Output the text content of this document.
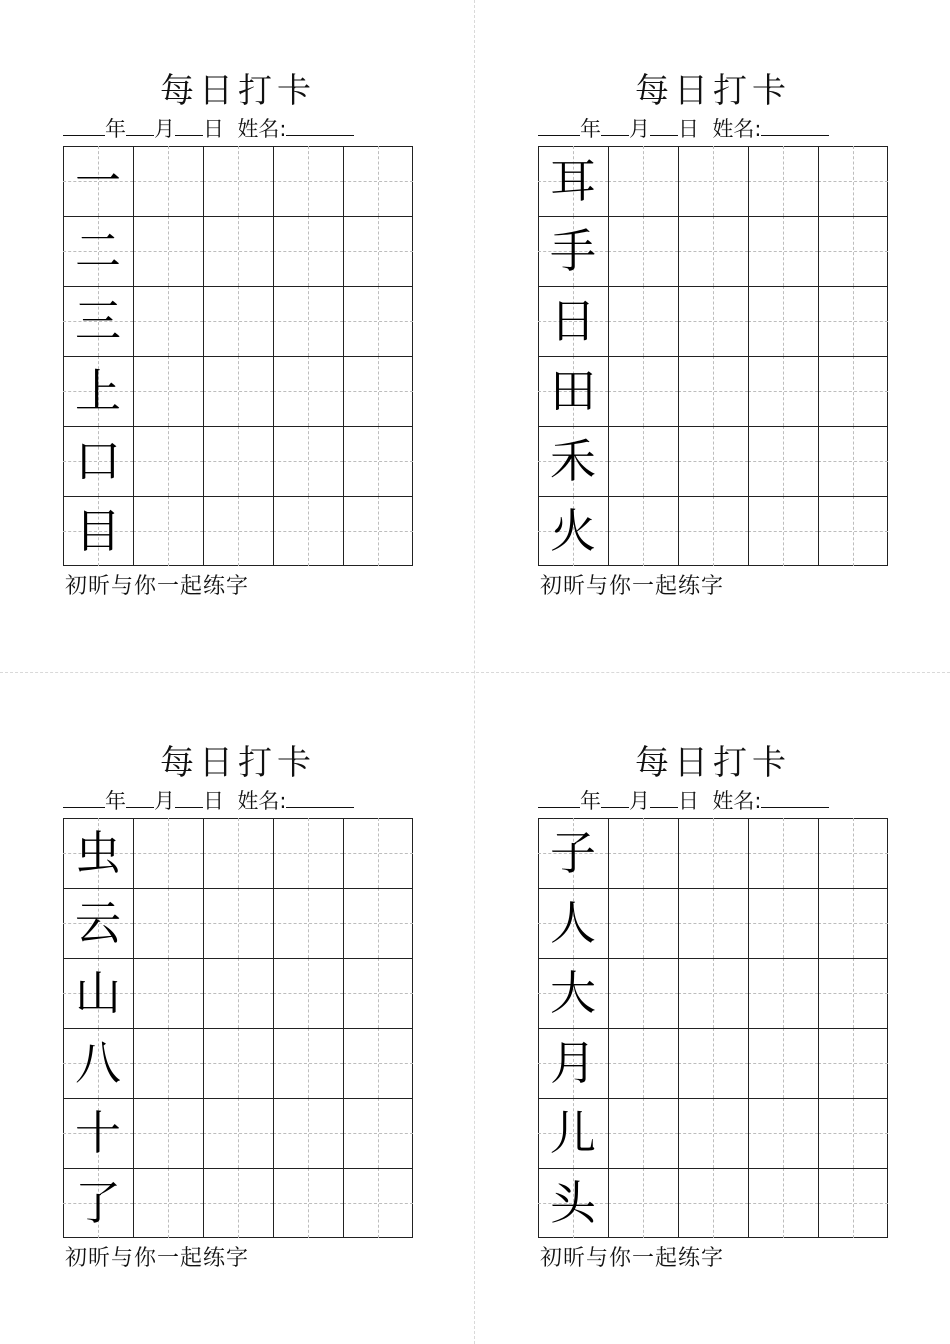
每日打卡
年 月 日 姓名:
一
二
三
上
口
目
初昕与你一起练字
每日打卡
年 月 日 姓名:
耳
手
日
田
禾
火
初昕与你一起练字
每日打卡
年 月 日 姓名:
虫
云
山
八
十
了
初昕与你一起练字
每日打卡
年 月 日 姓名:
子
人
大
月
儿
头
初昕与你一起练字
